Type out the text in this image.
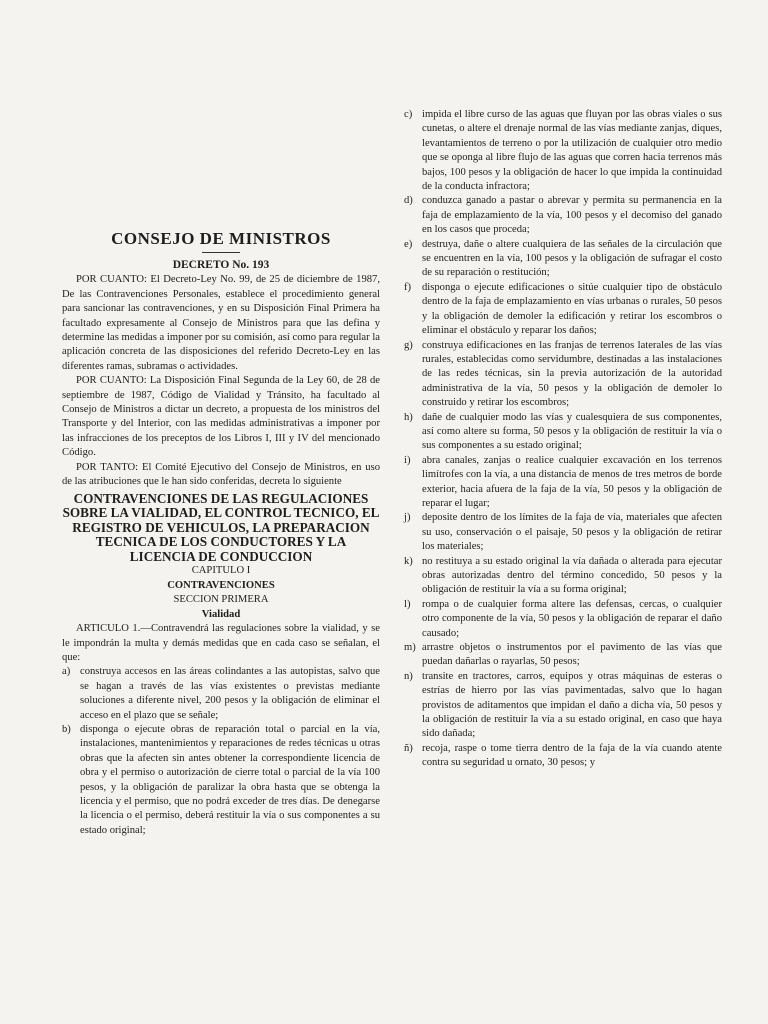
CONSEJO DE MINISTROS

DECRETO No. 193

POR CUANTO: El Decreto-Ley No. 99, de 25 de diciembre de 1987, De las Contravenciones Personales, establece el procedimiento general para sancionar las contravenciones, y en su Disposición Final Primera ha facultado expresamente al Consejo de Ministros para que las defina y determine las medidas a imponer por su comisión, así como para regular la aplicación concreta de las disposiciones del referido Decreto-Ley en las diferentes ramas, subramas o actividades.

POR CUANTO: La Disposición Final Segunda de la Ley 60, de 28 de septiembre de 1987, Código de Vialidad y Tránsito, ha facultado al Consejo de Ministros a dictar un decreto, a propuesta de los ministros del Transporte y del Interior, con las medidas administrativas a imponer por las infracciones de los preceptos de los Libros I, III y IV del mencionado Código.

POR TANTO: El Comité Ejecutivo del Consejo de Ministros, en uso de las atribuciones que le han sido conferidas, decreta lo siguiente

CONTRAVENCIONES DE LAS REGULACIONES SOBRE LA VIALIDAD, EL CONTROL TECNICO, EL REGISTRO DE VEHICULOS, LA PREPARACION TECNICA DE LOS CONDUCTORES Y LA LICENCIA DE CONDUCCION

CAPITULO I

CONTRAVENCIONES

SECCION PRIMERA

Vialidad

ARTICULO 1.—Contravendrá las regulaciones sobre la vialidad, y se le impondrán la multa y demás medidas que en cada caso se señalan, el que:

a) construya accesos en las áreas colindantes a las autopistas, salvo que se hagan a través de las vías existentes o previstas mediante soluciones a diferente nivel, 200 pesos y la obligación de eliminar el acceso en el plazo que se señale;
b) disponga o ejecute obras de reparación total o parcial en la vía, instalaciones, mantenimientos y reparaciones de redes técnicas u otras obras que la afecten sin antes obtener la correspondiente licencia de obra y el permiso o autorización de cierre total o parcial de la vía 100 pesos, y la obligación de paralizar la obra hasta que se obtenga la licencia y el permiso, que no podrá exceder de tres días. De denegarse la licencia o el permiso, deberá restituir la vía o sus componentes a su estado original;
c) impida el libre curso de las aguas que fluyan por las obras viales o sus cunetas, o altere el drenaje normal de las vías mediante zanjas, diques, levantamientos de terreno o por la utilización de cualquier otro medio que se oponga al libre flujo de las aguas que corren hacia terrenos más bajos, 100 pesos y la obligación de hacer lo que impida la continuidad de la conducta infractora;
d) conduzca ganado a pastar o abrevar y permita su permanencia en la faja de emplazamiento de la vía, 100 pesos y el decomiso del ganado en los casos que proceda;
e) destruya, dañe o altere cualquiera de las señales de la circulación que se encuentren en la vía, 100 pesos y la obligación de sufragar el costo de su reparación o restitución;
f)	disponga o ejecute edificaciones o sitúe cualquier tipo de obstáculo dentro de la faja de emplazamiento en vías urbanas o rurales, 50 pesos y la obligación de demoler la edificación y retirar los escombros o eliminar el obstáculo y reparar los daños;
g) construya edificaciones en las franjas de terrenos laterales de las vías rurales, establecidas como servidumbre, destinadas a las instalaciones de las redes técnicas, sin la previa autorización de la autoridad administrativa de la vía, 50 pesos y la obligación de demoler lo construido y retirar los escombros;
h) dañe de cualquier modo las vías y cualesquiera de sus componentes, así como altere su forma, 50 pesos y la obligación de restituir la vía o sus componentes a su estado original;
i)	abra canales, zanjas o realice cualquier excavación en los terrenos limítrofes con la vía, a una distancia de menos de tres metros de borde exterior, hacia afuera de la faja de la vía, 50 pesos y la obligación de reparar el lugar;
j)	deposite dentro de los límites de la faja de vía, materiales que afecten su uso, conservación o el paisaje, 50 pesos y la obligación de retirar los materiales;
k) no restituya a su estado original la vía dañada o alterada para ejecutar obras autorizadas dentro del término concedido, 50 pesos y la obligación de restituir la vía a su forma original;
l)	rompa o de cualquier forma altere las defensas, cercas, o cualquier otro componente de la vía, 50 pesos y la obligación de reparar el daño causado;
m) arrastre objetos o instrumentos por el pavimento de las vías que puedan dañarlas o rayarlas, 50 pesos;
n) transite en tractores, carros, equipos y otras máquinas de esteras o estrías de hierro por las vías pavimentadas, salvo que lo hagan provistos de aditamentos que impidan el daño a dicha vía, 50 pesos y la obligación de restituir la vía a su estado original, en caso que haya sido dañada;
ñ) recoja, raspe o tome tierra dentro de la faja de la vía cuando atente contra su seguridad u ornato, 30 pesos; y
